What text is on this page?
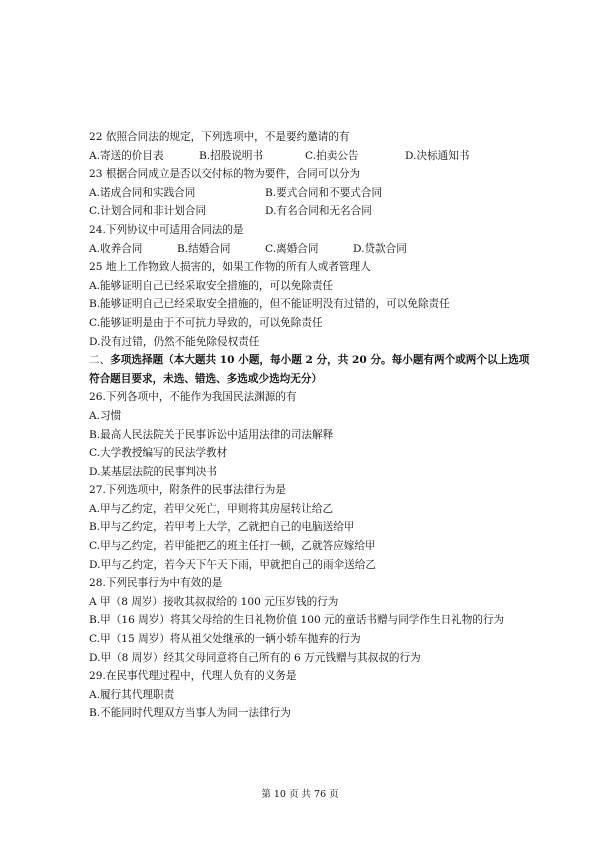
22 依照合同法的规定，下列选项中，不是要约邀请的有
A.寄送的价目表	B.招股说明书	C.拍卖公告	D.决标通知书
23 根据合同成立是否以交付标的物为要件，合同可以分为
A.诺成合同和实践合同	B.要式合同和不要式合同
C.计划合同和非计划合同	D.有名合同和无名合同
24.下列协议中可适用合同法的是
A.收养合同	B.结婚合同	C.离婚合同	D.贷款合同
25 地上工作物致人损害的，如果工作物的所有人或者管理人
A.能够证明自己已经采取安全措施的，可以免除责任
B.能够证明自己已经采取安全措施的，但不能证明没有过错的，可以免除责任
C.能够证明是由于不可抗力导致的，可以免除责任
D.没有过错，仍然不能免除侵权责任
二、多项选择题（本大题共 10 小题，每小题 2 分，共 20 分。每小题有两个或两个以上选项
符合题目要求，未选、错选、多选或少选均无分）
26.下列各项中，不能作为我国民法渊源的有
A.习惯
B.最高人民法院关于民事诉讼中适用法律的司法解释
C.大学教授编写的民法学教材
D.某基层法院的民事判决书
27.下列选项中，附条件的民事法律行为是
A.甲与乙约定，若甲父死亡，甲则将其房屋转让给乙
B.甲与乙约定，若甲考上大学，乙就把自己的电脑送给甲
C.甲与乙约定，若甲能把乙的班主任打一顿，乙就答应嫁给甲
D.甲与乙约定，若今天下午天下雨，甲就把自己的雨伞送给乙
28.下列民事行为中有效的是
A 甲（8 周岁）接收其叔叔给的 100 元压岁钱的行为
B.甲（16 周岁）将其父母给的生日礼物价值 100 元的童话书赠与同学作生日礼物的行为
C.甲（15 周岁）将从祖父处继承的一辆小轿车抛弃的行为
D.甲（8 周岁）经其父母同意将自己所有的 6 万元钱赠与其叔叔的行为
29.在民事代理过程中，代理人负有的义务是
A.履行其代理职责
B.不能同时代理双方当事人为同一法律行为
第 10 页 共 76 页
